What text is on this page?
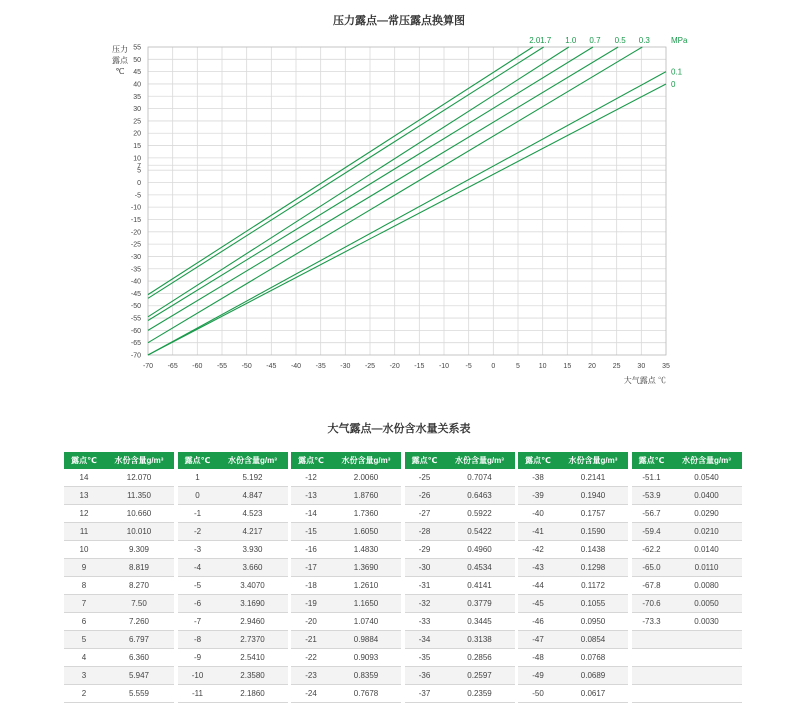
压力露点—常压露点换算图
-70 -65 -60 -55 -50 -45 -40 -35 -30 -25 -20 -15 -10 -5	0	5	10 15 20 25 30 35
55
50
45
40
35
30
25
20
15
10
7
5
0
-5
-10
-15
-20
-25
-30
-35
-40
-45
-50
-55
-60
-65
-70
压力
露点
℃
大气露点 ℃
2.0 1.7 1.0 0.7 0.5 0.3
0.1
0
MPa
大气露点—水份含水量关系表
露点℃	水份含量g/m³
14	12.070
13	11.350
12	10.660
11	10.010
10	9.309
9	8.819
8	8.270
7	7.50
6	7.260
5	6.797
4	6.360
3	5.947
2	5.559
露点℃	水份含量g/m³
1	5.192
0	4.847
-1	4.523
-2	4.217
-3	3.930
-4	3.660
-5	3.4070
-6	3.1690
-7	2.9460
-8	2.7370
-9	2.5410
-10	2.3580
-11	2.1860
露点℃	水份含量g/m³
-12	2.0060
-13	1.8760
-14	1.7360
-15	1.6050
-16	1.4830
-17	1.3690
-18	1.2610
-19	1.1650
-20	1.0740
-21	0.9884
-22	0.9093
-23	0.8359
-24	0.7678
露点℃	水份含量g/m³
-25	0.7074
-26	0.6463
-27	0.5922
-28	0.5422
-29	0.4960
-30	0.4534
-31	0.4141
-32	0.3779
-33	0.3445
-34	0.3138
-35	0.2856
-36	0.2597
-37	0.2359
露点℃	水份含量g/m³
-38	0.2141
-39	0.1940
-40	0.1757
-41	0.1590
-42	0.1438
-43	0.1298
-44	0.1172
-45	0.1055
-46	0.0950
-47	0.0854
-48	0.0768
-49	0.0689
-50	0.0617
露点℃	水份含量g/m³
-51.1	0.0540
-53.9	0.0400
-56.7	0.0290
-59.4	0.0210
-62.2	0.0140
-65.0	0.0110
-67.8	0.0080
-70.6	0.0050
-73.3	0.0030
